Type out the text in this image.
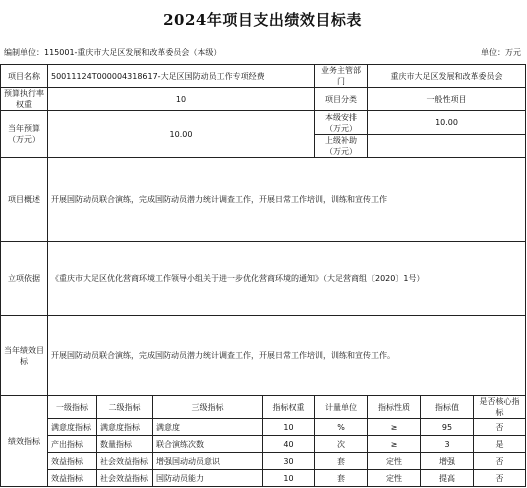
2024年项目支出绩效目标表
编制单位：115001-重庆市大足区发展和改革委员会（本级）	单位：万元
项目名称	50011124T000004318617-大足区国防动员工作专项经费				业务主管部门	重庆市大足区发展和改革委员会		
预算执行率权重	10				项目分类	一般性项目		
当年预算（万元）	10.00				本级安排（万元）	10.00		
					上级补助（万元）			
项目概述	开展国防动员联合演练，完成国防动员潜力统计调查工作，开展日常工作培训，训练和宣传工作							
立项依据	《重庆市大足区优化营商环境工作领导小组关于进一步优化营商环境的通知》（大足营商组〔2020〕1号）							
当年绩效目标	开展国防动员联合演练，完成国防动员潜力统计调查工作，开展日常工作培训，训练和宣传工作。							
绩效指标	一级指标	二级指标	三级指标	指标权重	计量单位	指标性质	指标值	是否核心指标
	满意度指标	满意度指标	满意度	10	%	≥	95	否
	产出指标	数量指标	联合演练次数	40	次	≥	3	是
	效益指标	社会效益指标	增强国动动员意识	30	套	定性	增强	否
	效益指标	社会效益指标	国防动员能力	10	套	定性	提高	否
